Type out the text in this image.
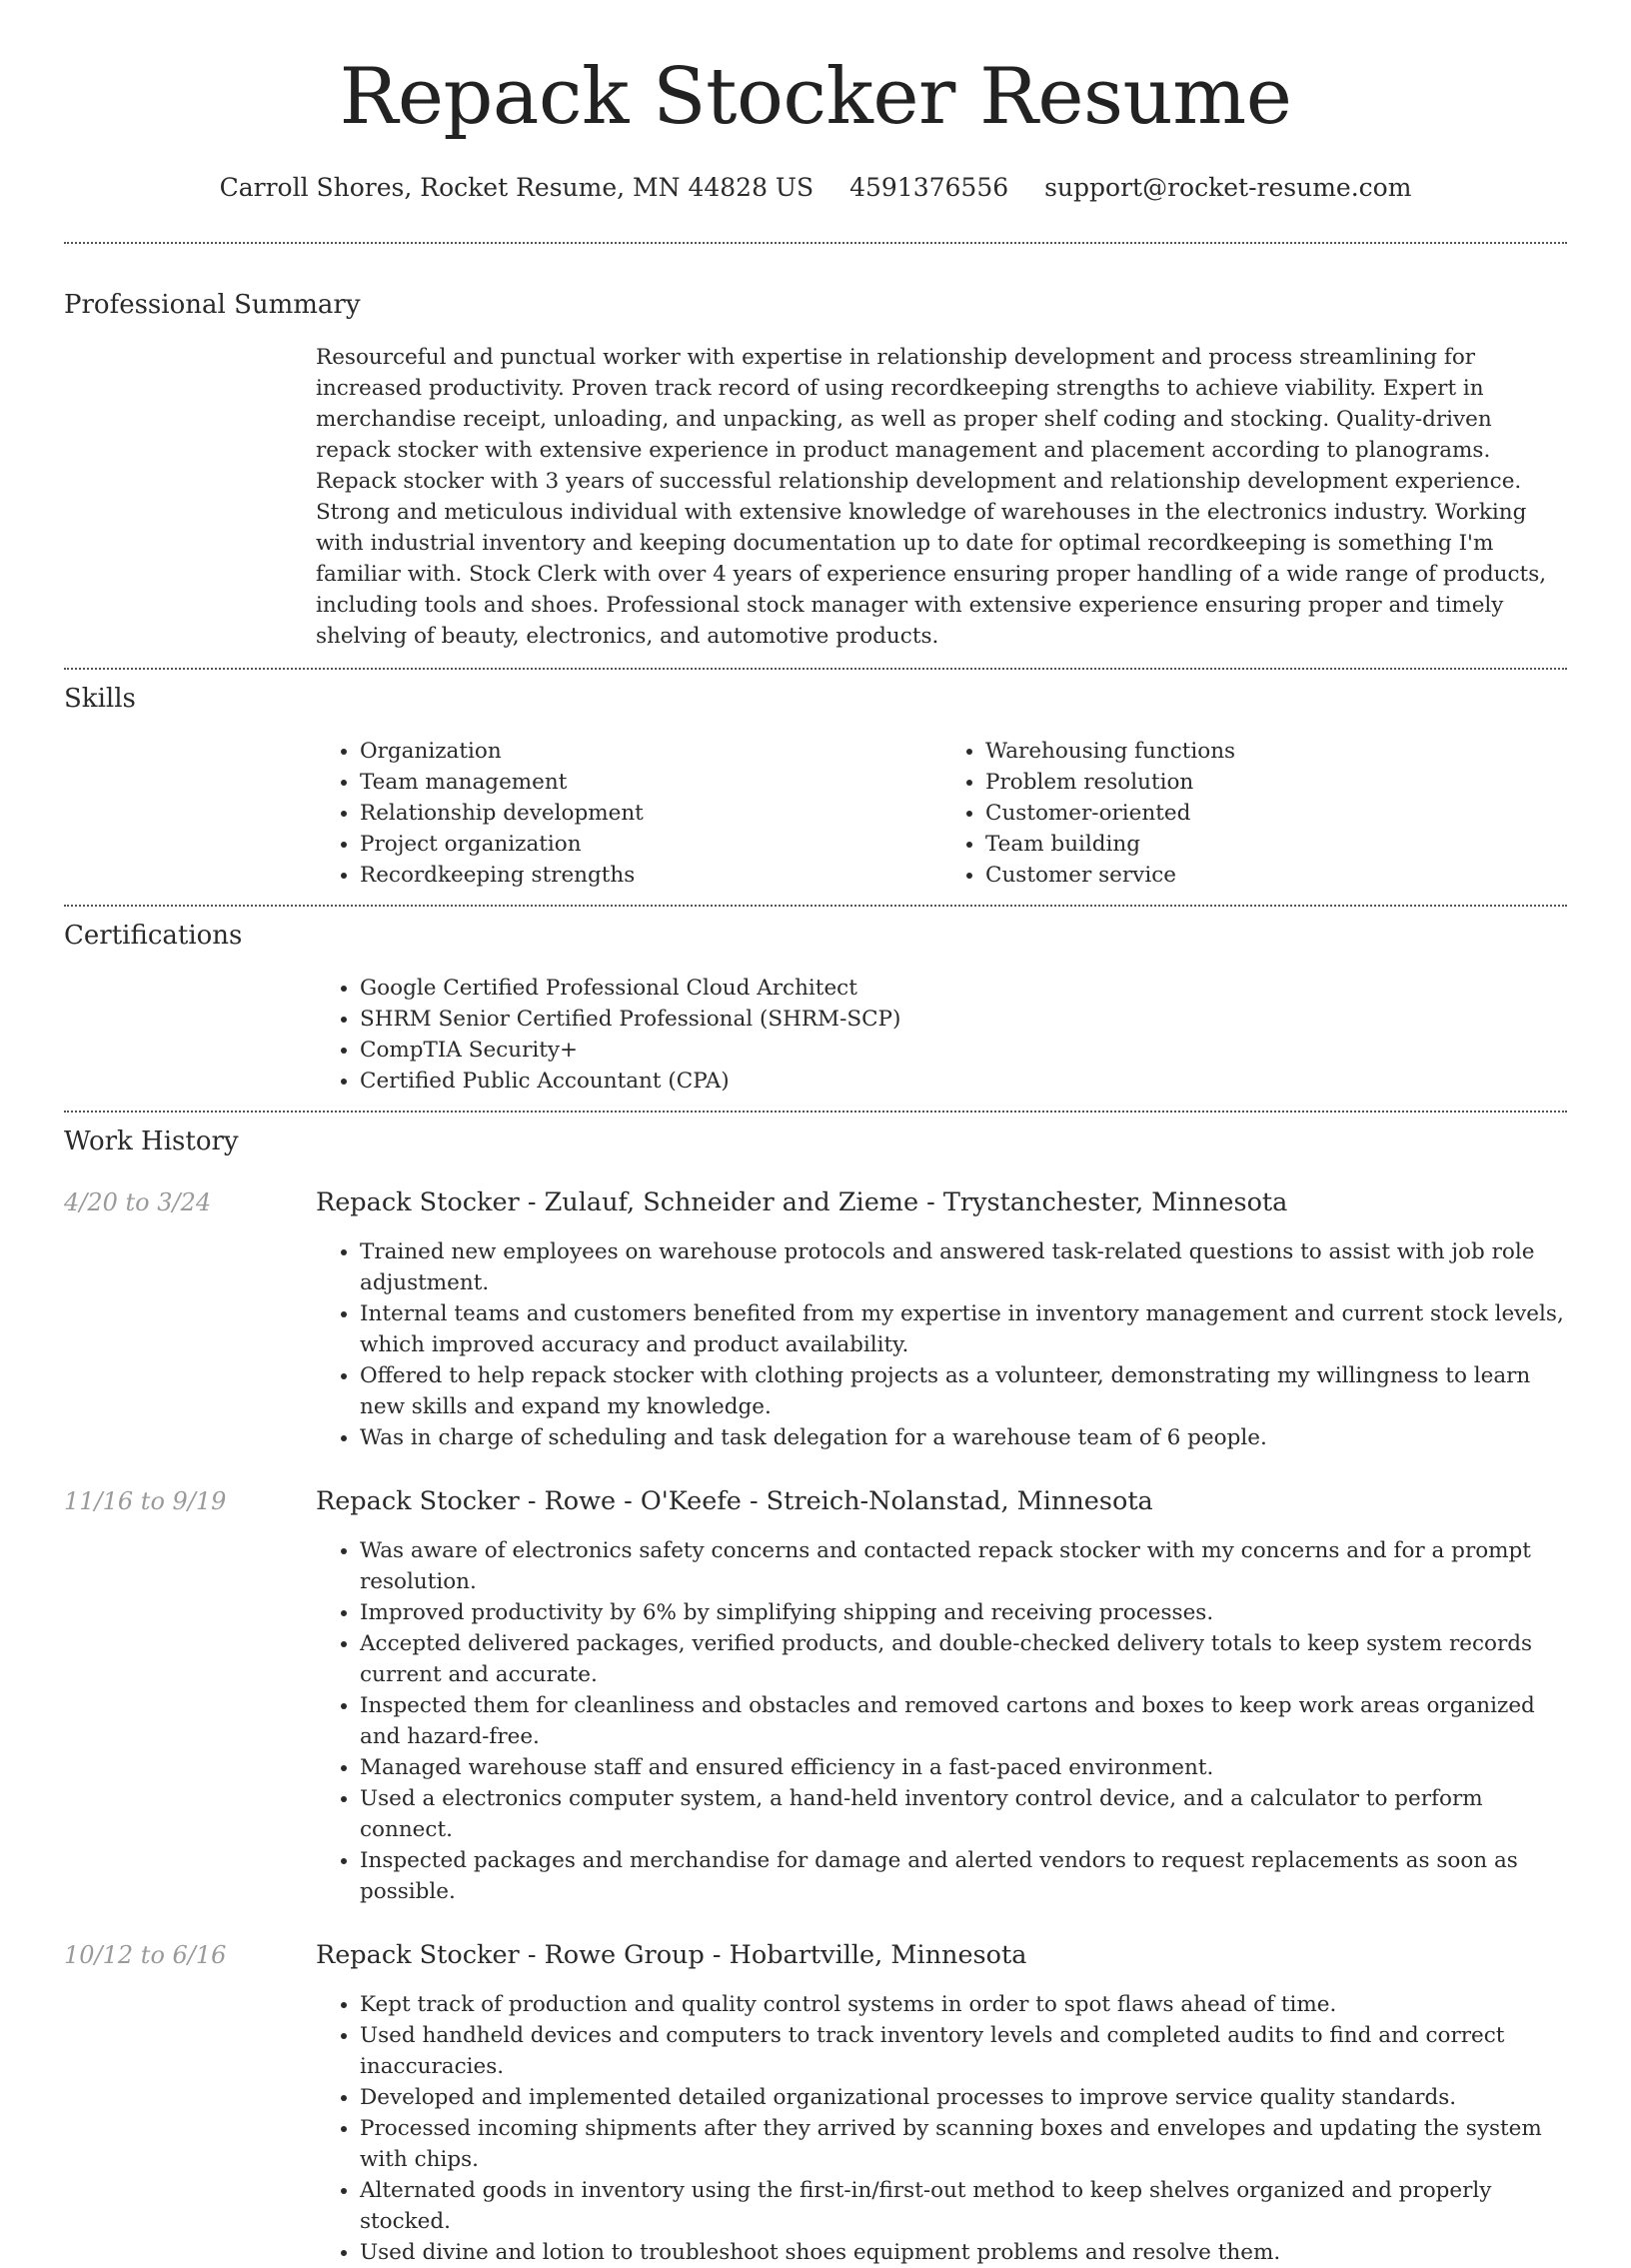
Repack Stocker Resume
Carroll Shores, Rocket Resume, MN 44828 US 4591376556 support@rocket-resume.com
Professional Summary
Resourceful and punctual worker with expertise in relationship development and process streamlining for increased productivity. Proven track record of using recordkeeping strengths to achieve viability. Expert in merchandise receipt, unloading, and unpacking, as well as proper shelf coding and stocking. Quality-driven repack stocker with extensive experience in product management and placement according to planograms. Repack stocker with 3 years of successful relationship development and relationship development experience. Strong and meticulous individual with extensive knowledge of warehouses in the electronics industry. Working with industrial inventory and keeping documentation up to date for optimal recordkeeping is something I'm familiar with. Stock Clerk with over 4 years of experience ensuring proper handling of a wide range of products, including tools and shoes. Professional stock manager with extensive experience ensuring proper and timely shelving of beauty, electronics, and automotive products.
Skills
• Organization
• Team management
• Relationship development
• Project organization
• Recordkeeping strengths
• Warehousing functions
• Problem resolution
• Customer-oriented
• Team building
• Customer service
Certifications
• Google Certified Professional Cloud Architect
• SHRM Senior Certified Professional (SHRM-SCP)
• CompTIA Security+
• Certified Public Accountant (CPA)
Work History
4/20 to 3/24	Repack Stocker - Zulauf, Schneider and Zieme - Trystanchester, Minnesota
• Trained new employees on warehouse protocols and answered task-related questions to assist with job role adjustment.
• Internal teams and customers benefited from my expertise in inventory management and current stock levels, which improved accuracy and product availability.
• Offered to help repack stocker with clothing projects as a volunteer, demonstrating my willingness to learn new skills and expand my knowledge.
• Was in charge of scheduling and task delegation for a warehouse team of 6 people.
11/16 to 9/19	Repack Stocker - Rowe - O'Keefe - Streich-Nolanstad, Minnesota
• Was aware of electronics safety concerns and contacted repack stocker with my concerns and for a prompt resolution.
• Improved productivity by 6% by simplifying shipping and receiving processes.
• Accepted delivered packages, verified products, and double-checked delivery totals to keep system records current and accurate.
• Inspected them for cleanliness and obstacles and removed cartons and boxes to keep work areas organized and hazard-free.
• Managed warehouse staff and ensured efficiency in a fast-paced environment.
• Used a electronics computer system, a hand-held inventory control device, and a calculator to perform connect.
• Inspected packages and merchandise for damage and alerted vendors to request replacements as soon as possible.
10/12 to 6/16	Repack Stocker - Rowe Group - Hobartville, Minnesota
• Kept track of production and quality control systems in order to spot flaws ahead of time.
• Used handheld devices and computers to track inventory levels and completed audits to find and correct inaccuracies.
• Developed and implemented detailed organizational processes to improve service quality standards.
• Processed incoming shipments after they arrived by scanning boxes and envelopes and updating the system with chips.
• Alternated goods in inventory using the first-in/first-out method to keep shelves organized and properly stocked.
• Used divine and lotion to troubleshoot shoes equipment problems and resolve them.
